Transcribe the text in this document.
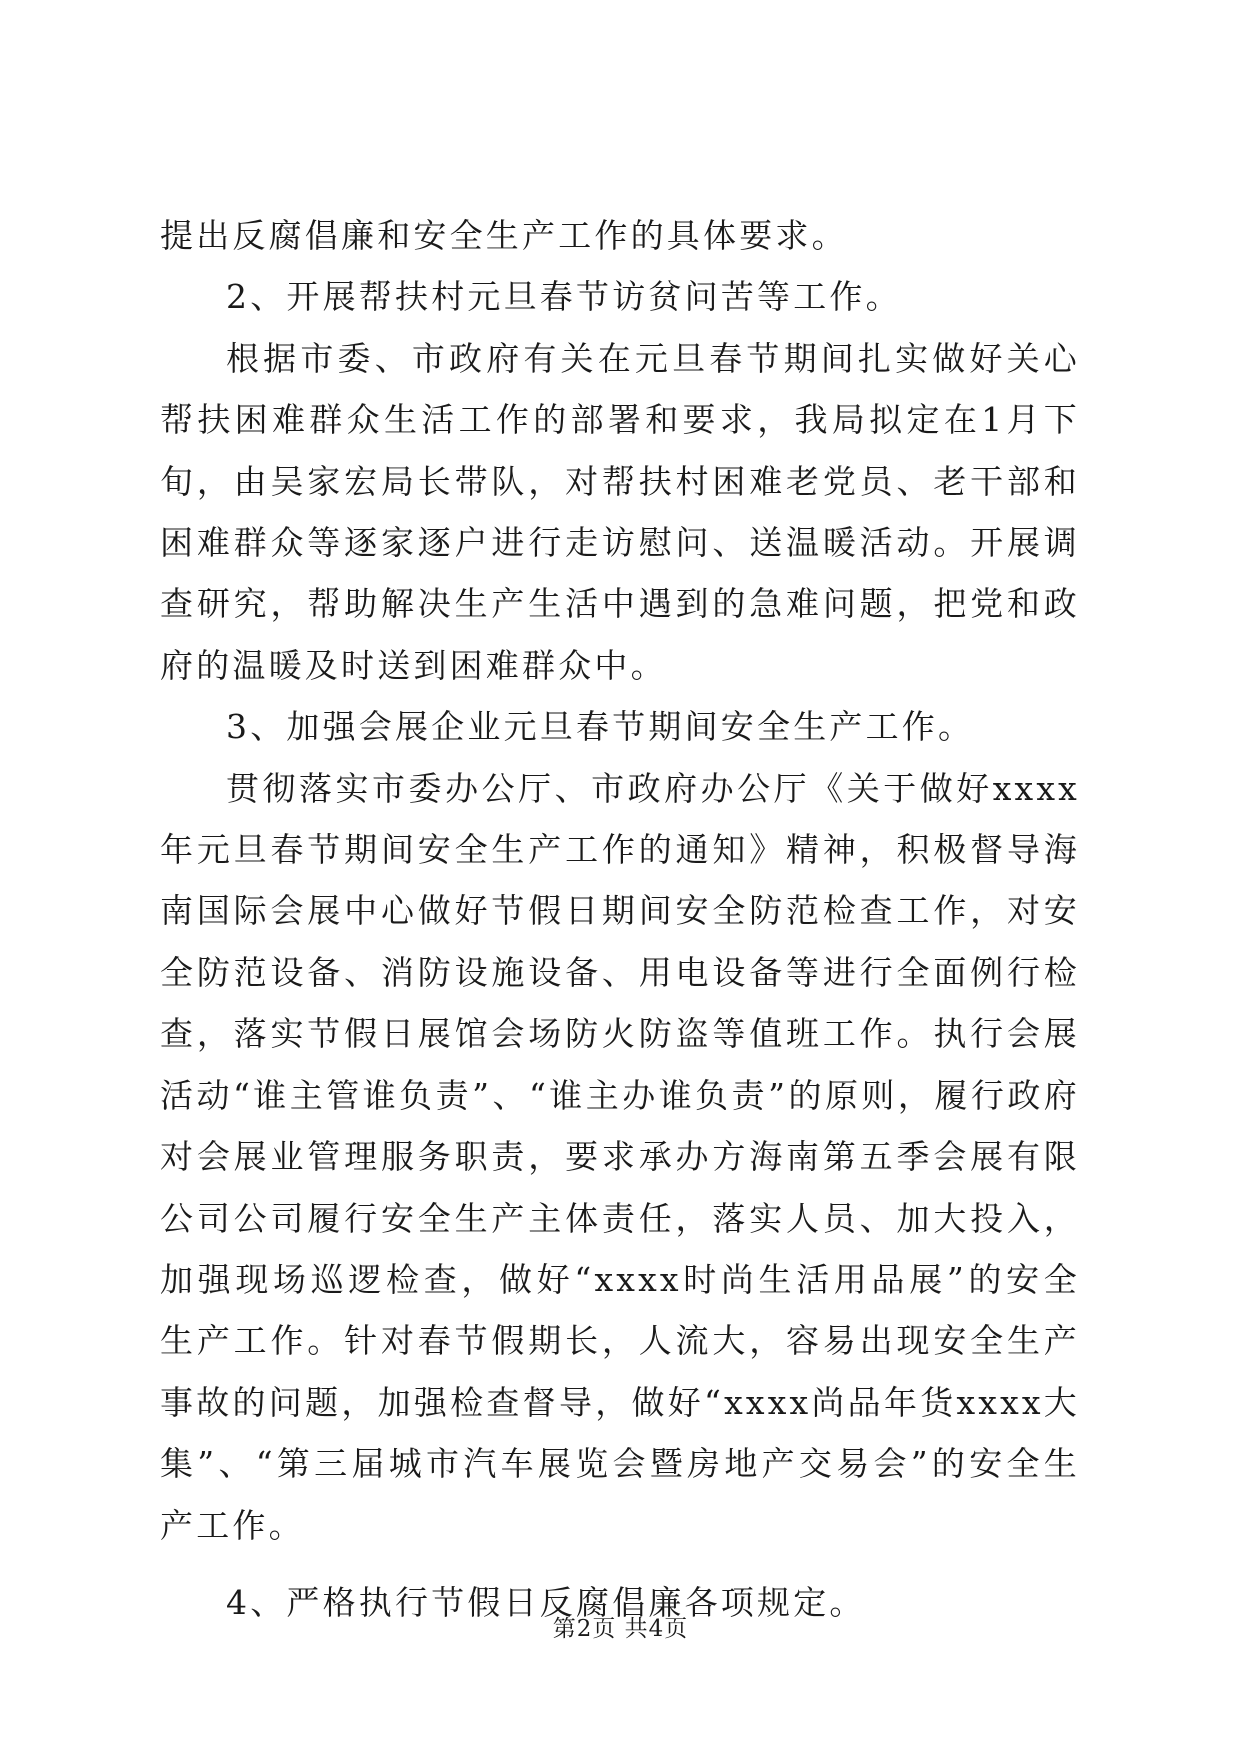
提出反腐倡廉和安全生产工作的具体要求。

2、开展帮扶村元旦春节访贫问苦等工作。

根据市委、市政府有关在元旦春节期间扎实做好关心帮扶困难群众生活工作的部署和要求，我局拟定在1月下旬，由吴家宏局长带队，对帮扶村困难老党员、老干部和困难群众等逐家逐户进行走访慰问、送温暖活动。开展调查研究，帮助解决生产生活中遇到的急难问题，把党和政府的温暖及时送到困难群众中。

3、加强会展企业元旦春节期间安全生产工作。

贯彻落实市委办公厅、市政府办公厅《关于做好xxxx年元旦春节期间安全生产工作的通知》精神，积极督导海南国际会展中心做好节假日期间安全防范检查工作，对安全防范设备、消防设施设备、用电设备等进行全面例行检查，落实节假日展馆会场防火防盗等值班工作。执行会展活动“谁主管谁负责”、“谁主办谁负责”的原则，履行政府对会展业管理服务职责，要求承办方海南第五季会展有限公司公司履行安全生产主体责任，落实人员、加大投入，加强现场巡逻检查，做好“xxxx时尚生活用品展”的安全生产工作。针对春节假期长，人流大，容易出现安全生产事故的问题，加强检查督导，做好“xxxx尚品年货xxxx大集”、“第三届城市汽车展览会暨房地产交易会”的安全生产工作。

4、严格执行节假日反腐倡廉各项规定。

第2页 共4页
